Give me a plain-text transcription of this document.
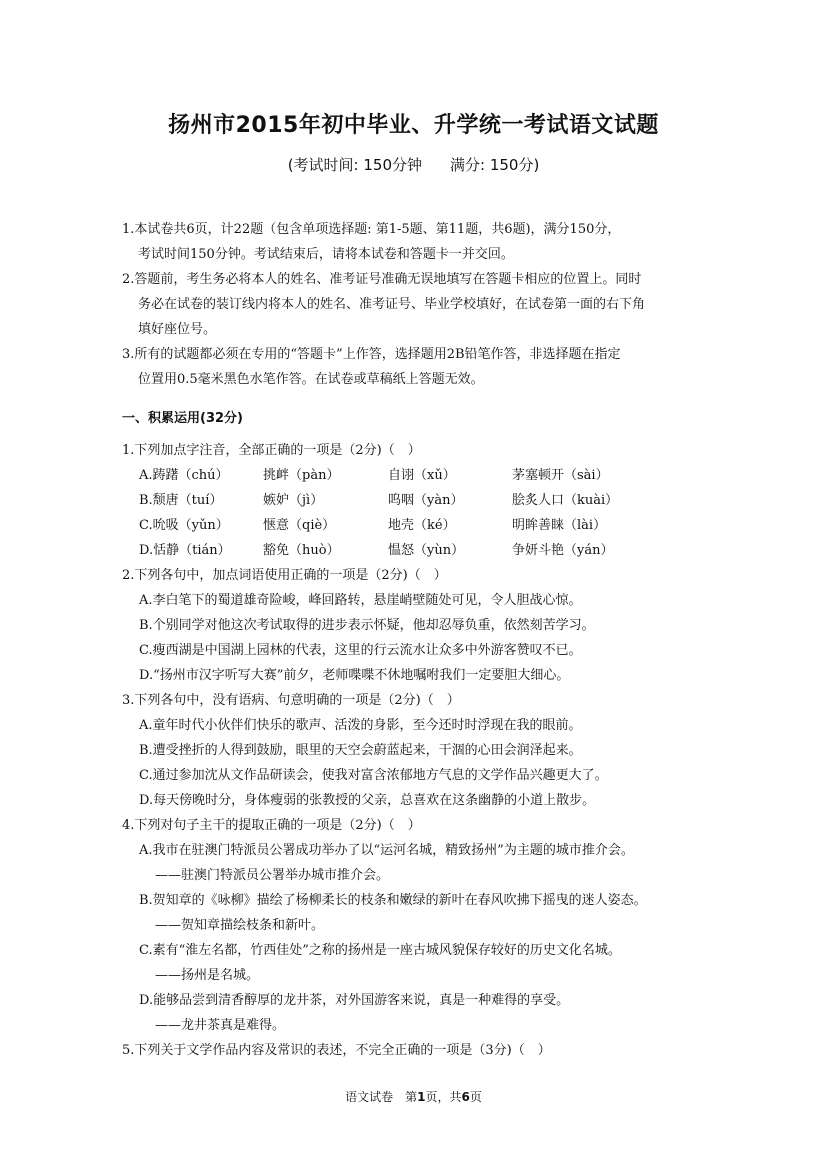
扬州市2015年初中毕业、升学统一考试语文试题
(考试时间: 150分钟 满分: 150分)
1.本试卷共6页，计22题（包含单项选择题: 第1-5题、第11题，共6题)，满分150分，
考试时间150分钟。考试结束后，请将本试卷和答题卡一并交回。
2.答题前，考生务必将本人的姓名、准考证号准确无误地填写在答题卡相应的位置上。同时
务必在试卷的装订线内将本人的姓名、准考证号、毕业学校填好，在试卷第一面的右下角
填好座位号。
3.所有的试题都必须在专用的“答题卡”上作答，选择题用2B铅笔作答，非选择题在指定
位置用0.5毫米黑色水笔作答。在试卷或草稿纸上答题无效。
一、积累运用(32分)
1.下列加点字注音，全部正确的一项是（2分)（　）
A.踌躇（chú）	挑衅（pàn）	自诩（xǔ）	茅塞顿开（sài）
B.颓唐（tuí）	嫉妒（jì）	呜咽（yàn）	脍炙人口（kuài）
C.吮吸（yǔn）	惬意（qiè）	地壳（ké）	明眸善睐（lài）
D.恬静（tián） 豁免（huò）	愠怒（yùn）	争妍斗艳（yán）
2.下列各句中，加点词语使用正确的一项是（2分)（　）
A.李白笔下的蜀道雄奇险峻，峰回路转，悬崖峭壁随处可见，令人胆战心惊。
B.个别同学对他这次考试取得的进步表示怀疑，他却忍辱负重，依然刻苦学习。
C.瘦西湖是中国湖上园林的代表，这里的行云流水让众多中外游客赞叹不已。
D.“扬州市汉字听写大赛”前夕，老师喋喋不休地嘱咐我们一定要胆大细心。
3.下列各句中，没有语病、句意明确的一项是（2分)（　）
A.童年时代小伙伴们快乐的歌声、活泼的身影，至今还时时浮现在我的眼前。
B.遭受挫折的人得到鼓励，眼里的天空会蔚蓝起来，干涸的心田会润泽起来。
C.通过参加沈从文作品研读会，使我对富含浓郁地方气息的文学作品兴趣更大了。
D.每天傍晚时分，身体瘦弱的张教授的父亲，总喜欢在这条幽静的小道上散步。
4.下列对句子主干的提取正确的一项是（2分)（　）
A.我市在驻澳门特派员公署成功举办了以“运河名城，精致扬州”为主题的城市推介会。
——驻澳门特派员公署举办城市推介会。
B.贺知章的《咏柳》描绘了杨柳柔长的枝条和嫩绿的新叶在春风吹拂下摇曳的迷人姿态。
——贺知章描绘枝条和新叶。
C.素有“淮左名都，竹西佳处”之称的扬州是一座古城风貌保存较好的历史文化名城。
——扬州是名城。
D.能够品尝到清香醇厚的龙井茶，对外国游客来说，真是一种难得的享受。
——龙井茶真是难得。
5.下列关于文学作品内容及常识的表述，不完全正确的一项是（3分)（　）
语文试卷　第1页，共6页
